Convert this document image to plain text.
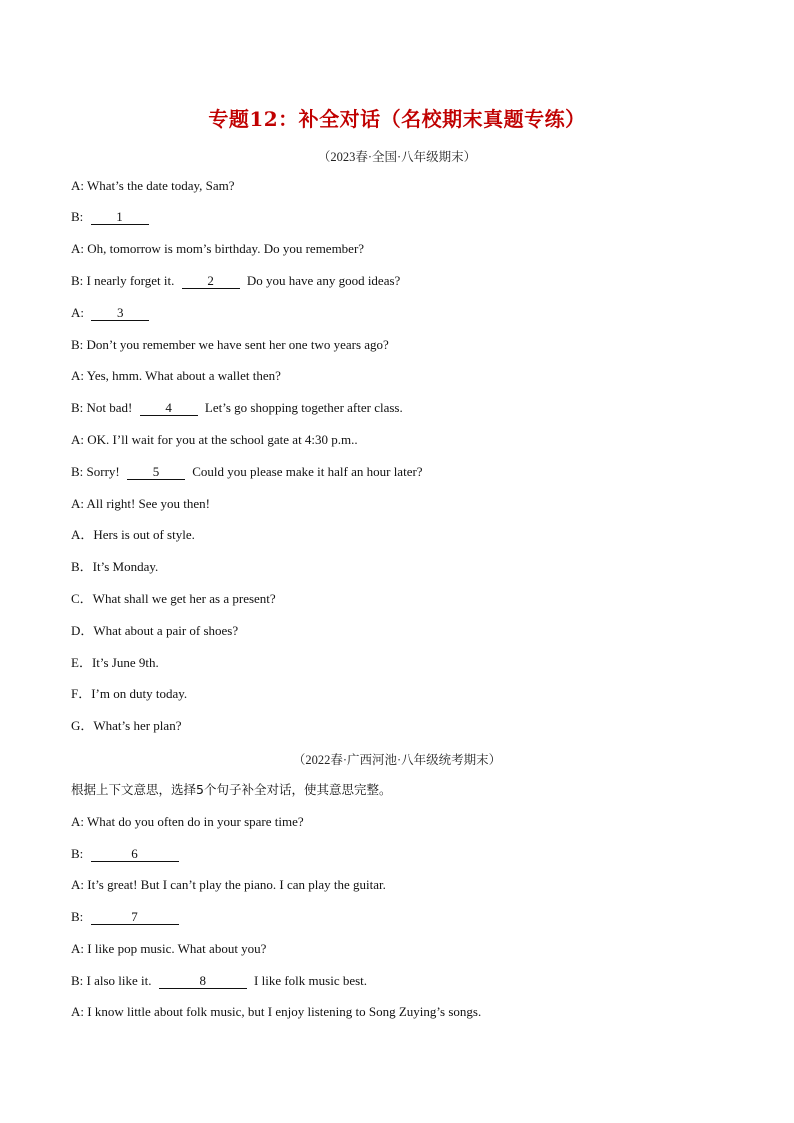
专题12：补全对话（名校期末真题专练）
（2023春·全国·八年级期末）
A: What’s the date today, Sam?
B: 1
A: Oh, tomorrow is mom’s birthday. Do you remember?
B: I nearly forget it. 2 Do you have any good ideas?
A: 3
B: Don’t you remember we have sent her one two years ago?
A: Yes, hmm. What about a wallet then?
B: Not bad! 4 Let’s go shopping together after class.
A: OK. I’ll wait for you at the school gate at 4:30 p.m..
B: Sorry! 5 Could you please make it half an hour later?
A: All right! See you then!
A．Hers is out of style.
B．It’s Monday.
C．What shall we get her as a present?
D．What about a pair of shoes?
E．It’s June 9th.
F．I’m on duty today.
G．What’s her plan?
（2022春·广西河池·八年级统考期末）
根据上下文意思，选择5个句子补全对话，使其意思完整。
A: What do you often do in your spare time?
B:	6
A: It’s great! But I can’t play the piano. I can play the guitar.
B:	7
A: I like pop music. What about you?
B: I also like it.	8	I like folk music best.
A: I know little about folk music, but I enjoy listening to Song Zuying’s songs.
